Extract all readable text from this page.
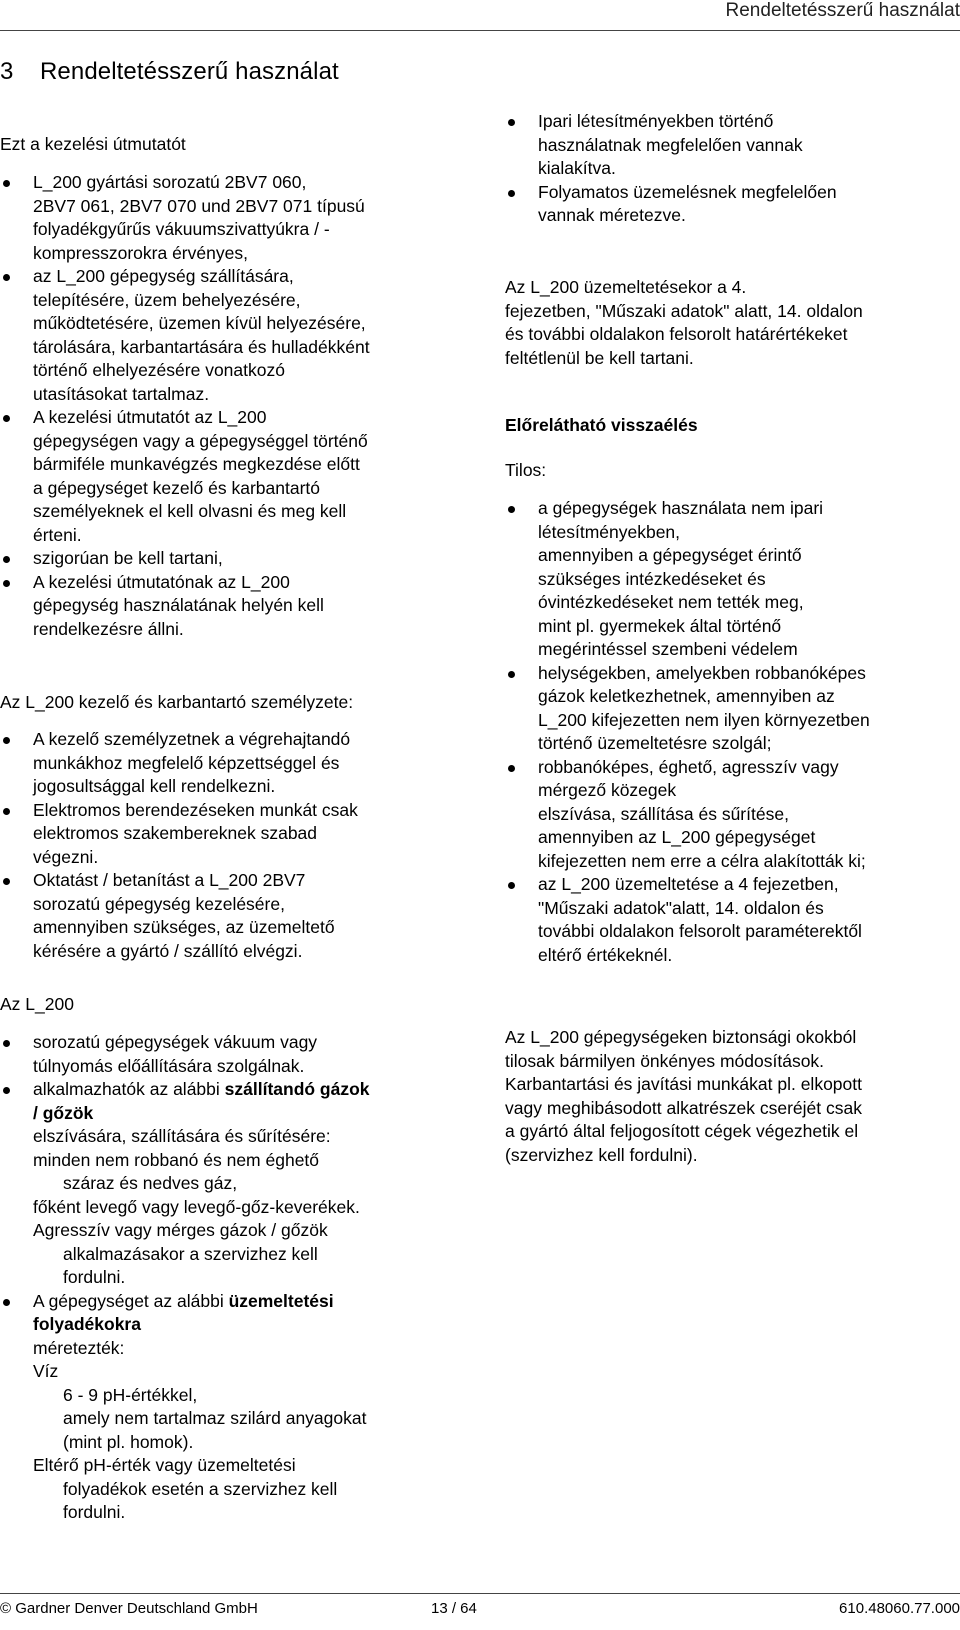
Rendeltetésszerű használat
3 Rendeltetésszerű használat
Ezt a kezelési útmutatót
L_200 gyártási sorozatú 2BV7 060,
2BV7 061, 2BV7 070 und 2BV7 071 típusú
folyadékgyűrűs vákuumszivattyúkra / -
kompresszorokra érvényes,
az L_200 gépegység szállítására,
telepítésére, üzem behelyezésére,
működtetésére, üzemen kívül helyezésére,
tárolására, karbantartására és hulladékként
történő elhelyezésére vonatkozó
utasításokat tartalmaz.
A kezelési útmutatót az L_200
gépegységen vagy a gépegységgel történő
bármiféle munkavégzés megkezdése előtt
a gépegységet kezelő és karbantartó
személyeknek el kell olvasni és meg kell
érteni.
szigorúan be kell tartani,
A kezelési útmutatónak az L_200
gépegység használatának helyén kell
rendelkezésre állni.
Az L_200 kezelő és karbantartó személyzete:
A kezelő személyzetnek a végrehajtandó
munkákhoz megfelelő képzettséggel és
jogosultsággal kell rendelkezni.
Elektromos berendezéseken munkát csak
elektromos szakembereknek szabad
végezni.
Oktatást / betanítást a L_200 2BV7
sorozatú gépegység kezelésére,
amennyiben szükséges, az üzemeltető
kérésére a gyártó / szállító elvégzi.
Az L_200
sorozatú gépegységek vákuum vagy
túlnyomás előállítására szolgálnak.
alkalmazhatók az alábbi szállítandó gázok
/ gőzök
elszívására, szállítására és sűrítésére:
minden nem robbanó és nem éghető
száraz és nedves gáz,
főként levegő vagy levegő-gőz-keverékek.
Agresszív vagy mérges gázok / gőzök
alkalmazásakor a szervizhez kell
fordulni.
A gépegységet az alábbi üzemeltetési
folyadékokra
méretezték:
Víz
6 - 9 pH-értékkel,
amely nem tartalmaz szilárd anyagokat
(mint pl. homok).
Eltérő pH-érték vagy üzemeltetési
folyadékok esetén a szervizhez kell
fordulni.
Ipari létesítményekben történő
használatnak megfelelően vannak
kialakítva.
Folyamatos üzemelésnek megfelelően
vannak méretezve.
Az L_200 üzemeltetésekor a 4.
fejezetben, "Műszaki adatok" alatt, 14. oldalon
és további oldalakon felsorolt határértékeket
feltétlenül be kell tartani.
Előrelátható visszaélés
Tilos:
a gépegységek használata nem ipari
létesítményekben,
amennyiben a gépegységet érintő
szükséges intézkedéseket és
óvintézkedéseket nem tették meg,
mint pl. gyermekek által történő
megérintéssel szembeni védelem
helységekben, amelyekben robbanóképes
gázok keletkezhetnek, amennyiben az
L_200 kifejezetten nem ilyen környezetben
történő üzemeltetésre szolgál;
robbanóképes, éghető, agresszív vagy
mérgező közegek
elszívása, szállítása és sűrítése,
amennyiben az L_200 gépegységet
kifejezetten nem erre a célra alakították ki;
az L_200 üzemeltetése a 4 fejezetben,
"Műszaki adatok"alatt, 14. oldalon és
további oldalakon felsorolt paraméterektől
eltérő értékeknél.
Az L_200 gépegységeken biztonsági okokból
tilosak bármilyen önkényes módosítások.
Karbantartási és javítási munkákat pl. elkopott
vagy meghibásodott alkatrészek cseréjét csak
a gyártó által feljogosított cégek végezhetik el
(szervizhez kell fordulni).
© Gardner Denver Deutschland GmbH	13 / 64	610.48060.77.000
